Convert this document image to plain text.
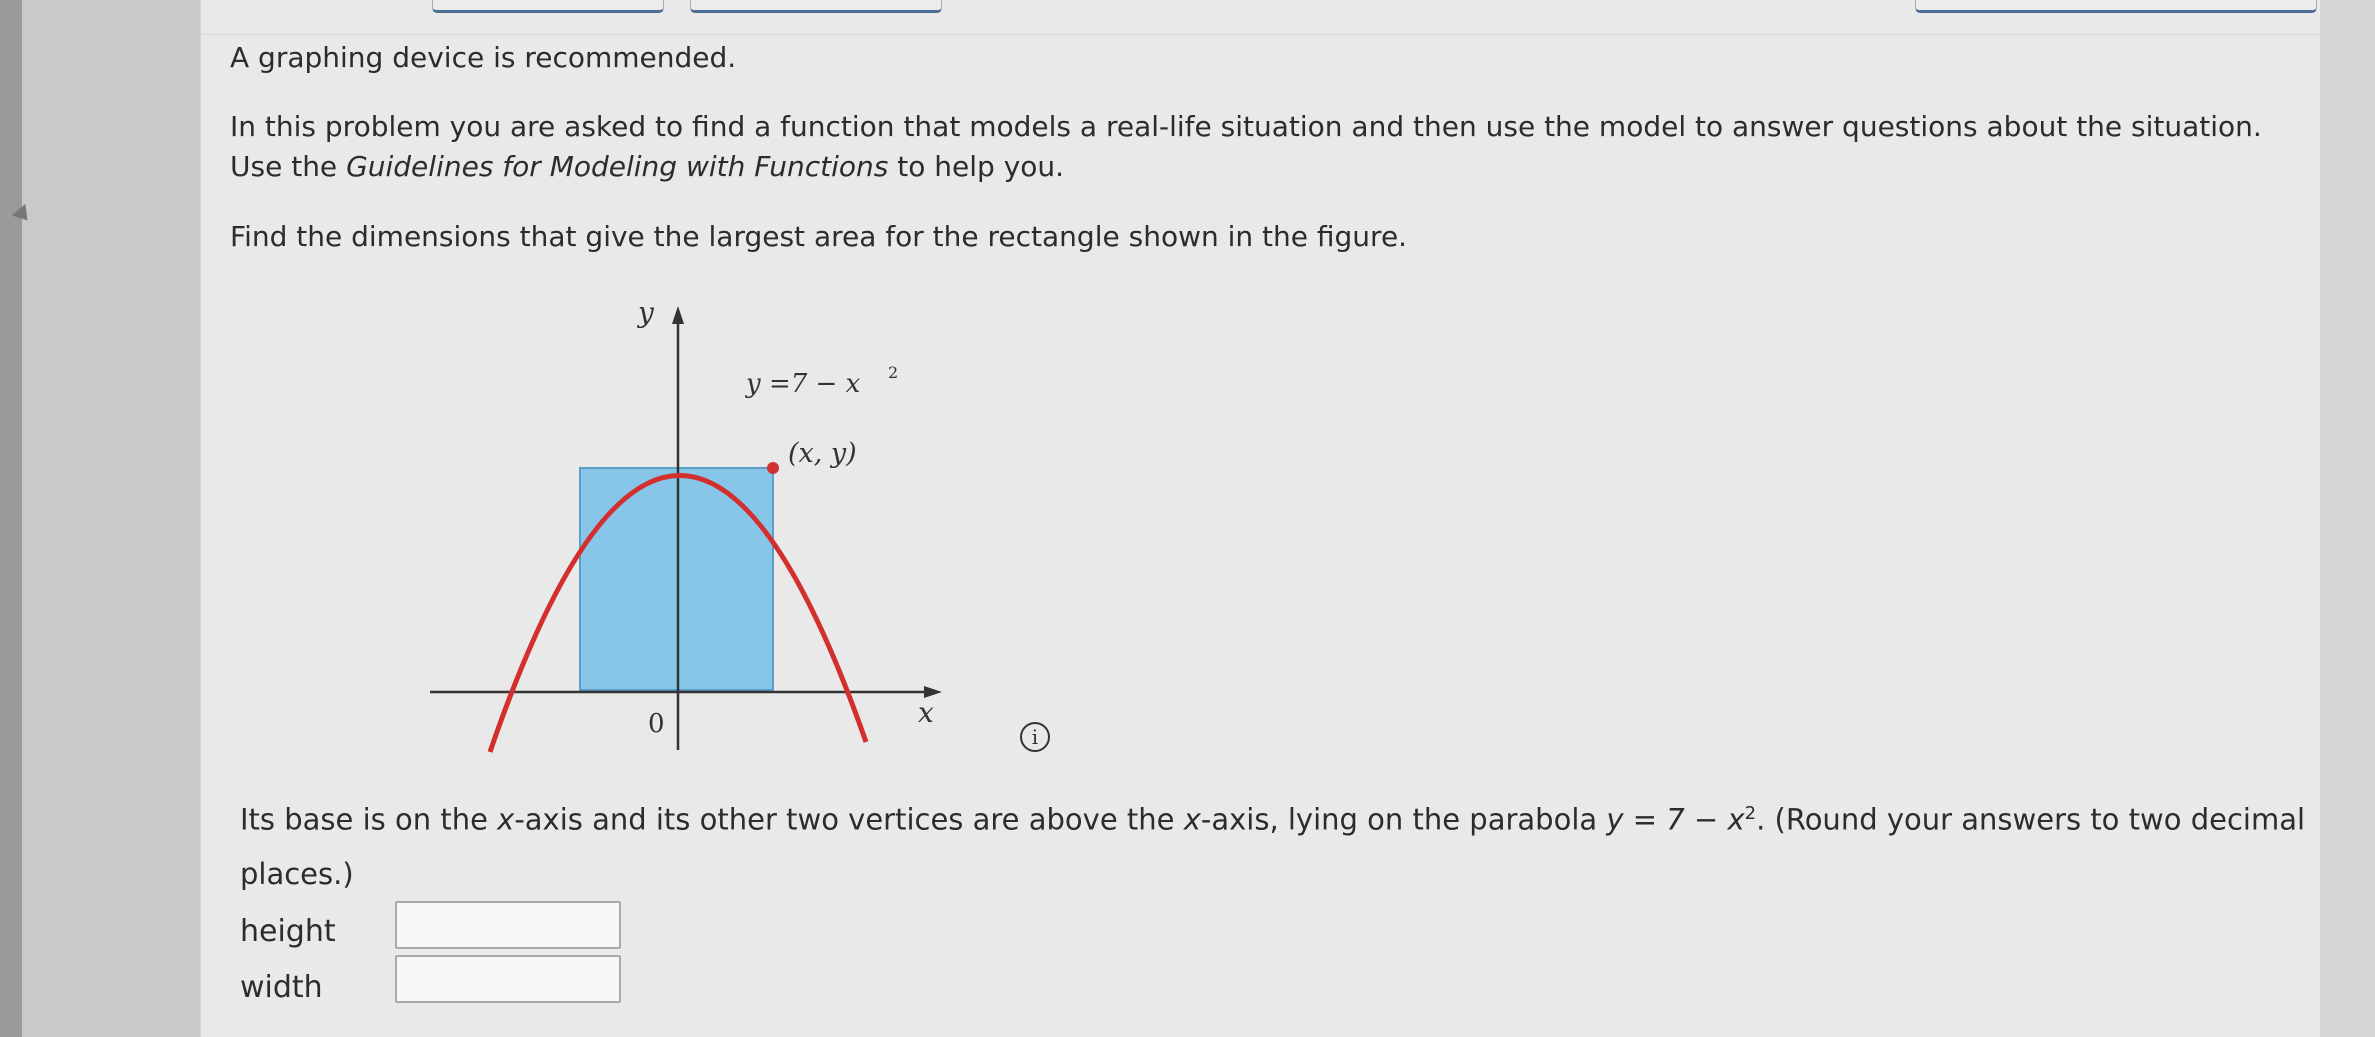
A graphing device is recommended.
In this problem you are asked to find a function that models a real-life situation and then use the model to answer questions about the situation.
Use the Guidelines for Modeling with Functions to help you.
Find the dimensions that give the largest area for the rectangle shown in the figure.
y
x
0
y =7 − x 2
(x, y)
i
Its base is on the x-axis and its other two vertices are above the x-axis, lying on the parabola $y = 7 - x^2$. (Round your answers to two decimal
places.)
height
width
